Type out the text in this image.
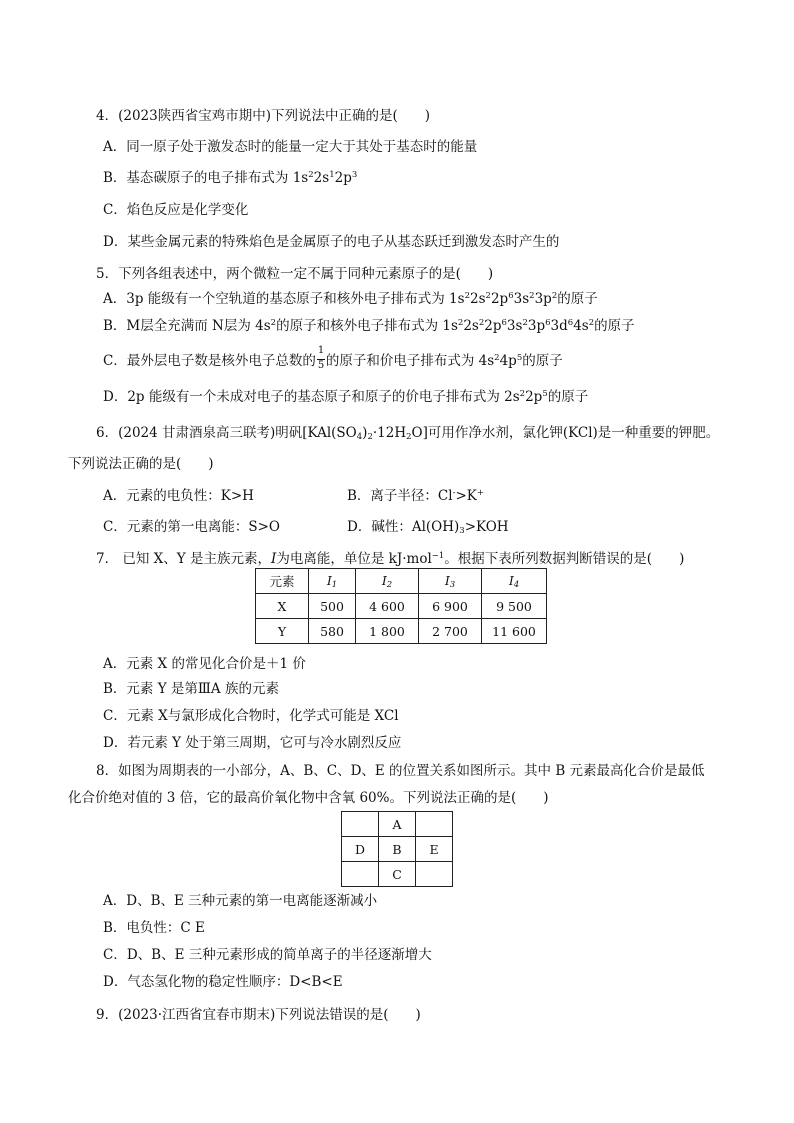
4．(2023陕西省宝鸡市期中)下列说法中正确的是(　　)
A．同一原子处于激发态时的能量一定大于其处于基态时的能量
B．基态碳原子的电子排布式为 $1s^22s^12p^3$
C．焰色反应是化学变化
D．某些金属元素的特殊焰色是金属原子的电子从基态跃迁到激发态时产生的
5．下列各组表述中，两个微粒一定不属于同种元素原子的是(　　)
A．3p 能级有一个空轨道的基态原子和核外电子排布式为 $1s^22s^22p^63s^23p^2$的原子
B．M层全充满而 N层为 $4s^2$的原子和核外电子排布式为 $1s^22s^22p^63s^23p^63d^64s^2$的原子
C．最外层电子数是核外电子总数的 $\frac{1}{5}$ 的原子和价电子排布式为 $4s^24p^5$的原子
D．2p 能级有一个未成对电子的基态原子和原子的价电子排布式为 $2s^22p^5$的原子
6．(2024 甘肃酒泉高三联考)明矾$[KAl(SO_4)_2\cdot 12H_2O]$可用作净水剂，氯化钾(KCl)是一种重要的钾肥。
下列说法正确的是(　　)
A．元素的电负性：K>H	B．离子半径：Cl->K+
C．元素的第一电离能：S>O	D．碱性：$Al(OH)_3>KOH$
7． 已知 X、Y 是主族元素，I为电离能，单位是 kJ·mol$^{-1}$。根据下表所列数据判断错误的是(　　)
元素	$I_1$	$I_2$	$I_3$	$I_4$
X	500	4 600	6 900	9 500
Y	580	1 800	2 700	11 600
A．元素 X 的常见化合价是＋1 价
B．元素 Y 是第ⅢA 族的元素
C．元素 X与氯形成化合物时，化学式可能是 XCl
D．若元素 Y 处于第三周期，它可与冷水剧烈反应
8．如图为周期表的一小部分，A、B、C、D、E 的位置关系如图所示。其中 B 元素最高化合价是最低
化合价绝对值的 3 倍，它的最高价氧化物中含氧 60%。下列说法正确的是(　　)
	A	
D	B	E
	C	
A．D、B、E 三种元素的第一电离能逐渐减小
B．电负性：C E
C．D、B、E 三种元素形成的简单离子的半径逐渐增大
D．气态氢化物的稳定性顺序：D<B<E
9．(2023·江西省宜春市期末)下列说法错误的是(　　)
